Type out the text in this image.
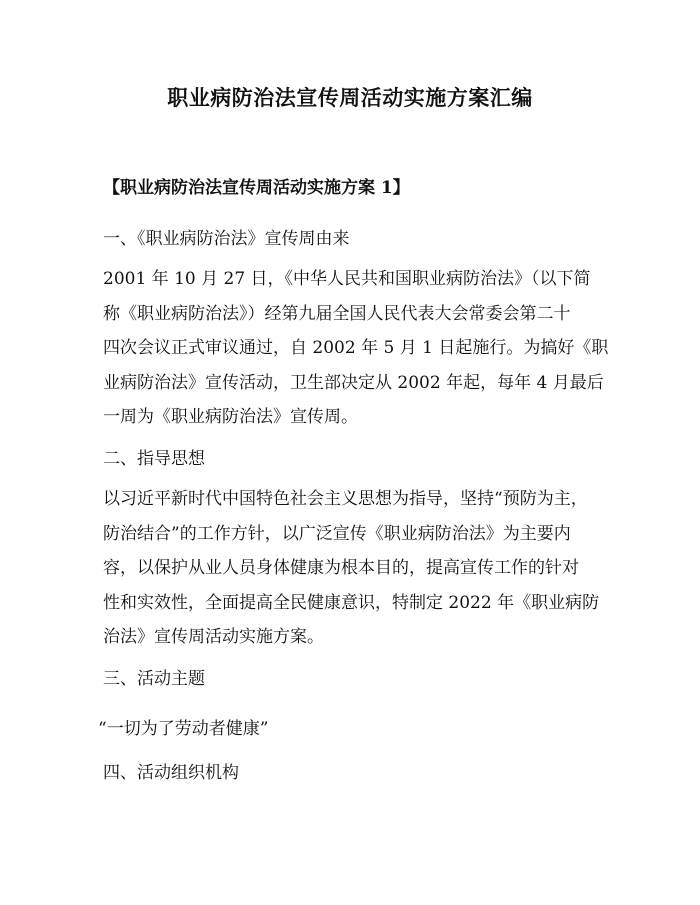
职业病防治法宣传周活动实施方案汇编
【职业病防治法宣传周活动实施方案 1】
一、《职业病防治法》宣传周由来
2001 年 10 月 27 日，《中华人民共和国职业病防治法》（以下简
称《职业病防治法》）经第九届全国人民代表大会常委会第二十
四次会议正式审议通过，自 2002 年 5 月 1 日起施行。为搞好《职
业病防治法》宣传活动，卫生部决定从 2002 年起，每年 4 月最后
一周为《职业病防治法》宣传周。
二、指导思想
以习近平新时代中国特色社会主义思想为指导，坚持“预防为主，
防治结合”的工作方针，以广泛宣传《职业病防治法》为主要内
容，以保护从业人员身体健康为根本目的，提高宣传工作的针对
性和实效性，全面提高全民健康意识，特制定 2022 年《职业病防
治法》宣传周活动实施方案。
三、活动主题
“一切为了劳动者健康”
四、活动组织机构
